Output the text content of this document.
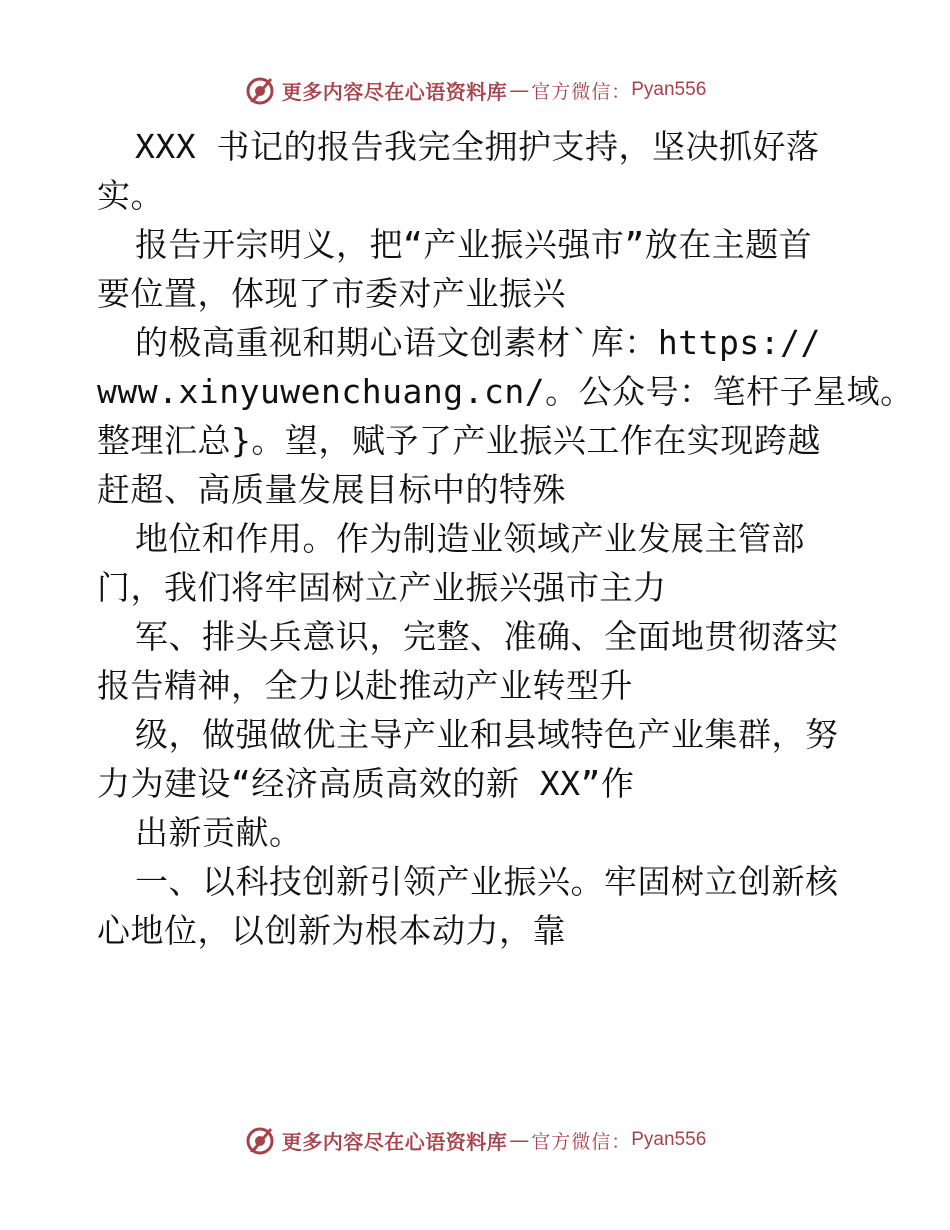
更多内容尽在心语资料库 — 官方微信： Pyan556
XXX 书记的报告我完全拥护支持，坚决抓好落
实。
报告开宗明义，把“产业振兴强市”放在主题首
要位置，体现了市委对产业振兴
的极高重视和期心语文创素材`库：https://
www.xinyuwenchuang.cn/。公众号：笔杆子星域。
整理汇总}。望，赋予了产业振兴工作在实现跨越
赶超、高质量发展目标中的特殊
地位和作用。作为制造业领域产业发展主管部
门，我们将牢固树立产业振兴强市主力
军、排头兵意识，完整、准确、全面地贯彻落实
报告精神，全力以赴推动产业转型升
级，做强做优主导产业和县域特色产业集群，努
力为建设“经济高质高效的新 XX”作
出新贡献。
一、以科技创新引领产业振兴。牢固树立创新核
心地位，以创新为根本动力，靠
更多内容尽在心语资料库 — 官方微信： Pyan556
